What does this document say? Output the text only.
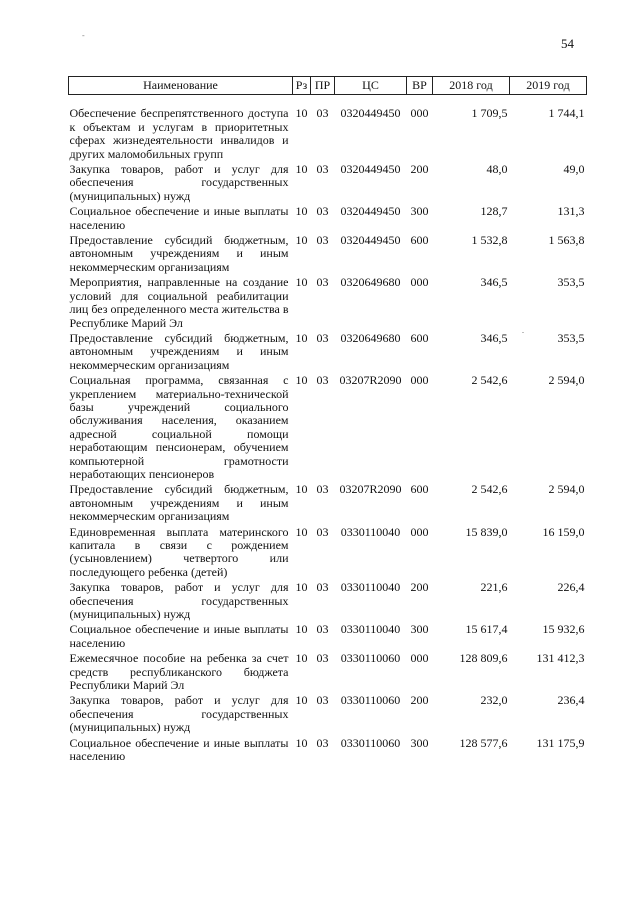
-
54
.
Наименование	Рз	ПР	ЦС	ВР	2018 год	2019 год
Обеспечение беспрепятственного доступа к объектам и услугам в приоритетных сферах жизнедеятельности инвалидов и других маломобильных групп	10	03	0320449450	000	1 709,5	1 744,1
Закупка товаров, работ и услуг для обеспечения государственных (муниципальных) нужд	10	03	0320449450	200	48,0	49,0
Социальное обеспечение и иные выплаты населению	10	03	0320449450	300	128,7	131,3
Предоставление субсидий бюджетным, автономным учреждениям и иным некоммерческим организациям	10	03	0320449450	600	1 532,8	1 563,8
Мероприятия, направленные на создание условий для социальной реабилитации лиц без определенного места жительства в Республике Марий Эл	10	03	0320649680	000	346,5	353,5
Предоставление субсидий бюджетным, автономным учреждениям и иным некоммерческим организациям	10	03	0320649680	600	346,5	353,5
Социальная программа, связанная с укреплением материально-технической базы учреждений социального обслуживания населения, оказанием адресной социальной помощи неработающим пенсионерам, обучением компьютерной грамотности неработающих пенсионеров	10	03	03207R2090	000	2 542,6	2 594,0
Предоставление субсидий бюджетным, автономным учреждениям и иным некоммерческим организациям	10	03	03207R2090	600	2 542,6	2 594,0
Единовременная выплата материнского капитала в связи с рождением (усыновлением) четвертого или последующего ребенка (детей)	10	03	0330110040	000	15 839,0	16 159,0
Закупка товаров, работ и услуг для обеспечения государственных (муниципальных) нужд	10	03	0330110040	200	221,6	226,4
Социальное обеспечение и иные выплаты населению	10	03	0330110040	300	15 617,4	15 932,6
Ежемесячное пособие на ребенка за счет средств республиканского бюджета Республики Марий Эл	10	03	0330110060	000	128 809,6	131 412,3
Закупка товаров, работ и услуг для обеспечения государственных (муниципальных) нужд	10	03	0330110060	200	232,0	236,4
Социальное обеспечение и иные выплаты населению	10	03	0330110060	300	128 577,6	131 175,9
